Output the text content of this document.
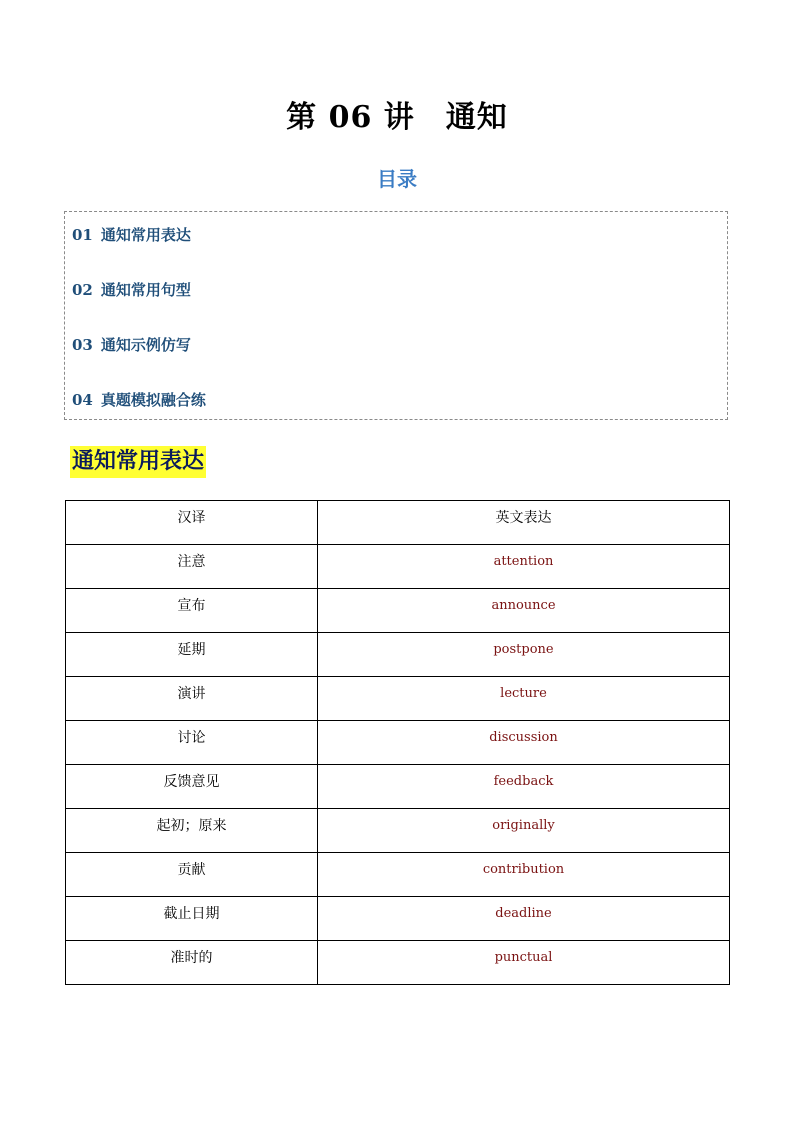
第 06 讲　通知
目录
01 通知常用表达
02 通知常用句型
03 通知示例仿写
04 真题模拟融合练
通知常用表达
汉译	英文表达

注意	attention

宣布	announce

延期	postpone

演讲	lecture

讨论	discussion

反馈意见	feedback

起初；原来	originally

贡献	contribution

截止日期	deadline

准时的	punctual
